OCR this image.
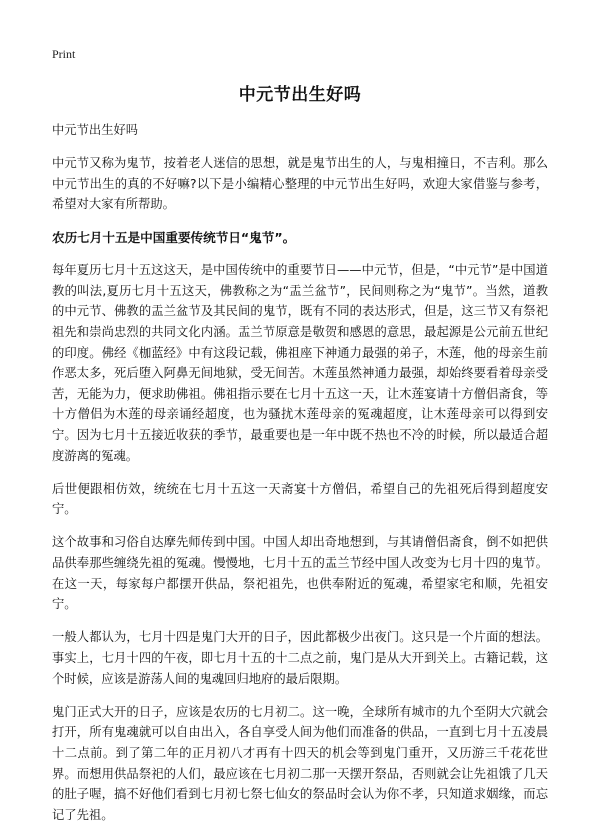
Print
中元节出生好吗

中元节出生好吗

中元节又称为鬼节，按着老人迷信的思想，就是鬼节出生的人，与鬼相撞日，不吉利。那么中元节出生的真的不好嘛?以下是小编精心整理的中元节出生好吗，欢迎大家借鉴与参考，希望对大家有所帮助。

农历七月十五是中国重要传统节日“鬼节”。

每年夏历七月十五这这天，是中国传统中的重要节日——中元节，但是，“中元节”是中国道教的叫法,夏历七月十五这天，佛教称之为“盂兰盆节”，民间则称之为“鬼节”。当然，道教的中元节、佛教的盂兰盆节及其民间的鬼节，既有不同的表达形式，但是，这三节又有祭祀祖先和崇尚忠烈的共同文化内涵。盂兰节原意是敬贺和感恩的意思，最起源是公元前五世纪的印度。佛经《枷蓝经》中有这段记载，佛祖座下神通力最强的弟子，木莲，他的母亲生前作恶太多，死后堕入阿鼻无间地狱，受无间苦。木莲虽然神通力最强，却始终要看着母亲受苦，无能为力，便求助佛祖。佛祖指示要在七月十五这一天，让木莲宴请十方僧侣斋食，等十方僧侣为木莲的母亲诵经超度，也为骚扰木莲母亲的冤魂超度，让木莲母亲可以得到安宁。因为七月十五接近收获的季节，最重要也是一年中既不热也不冷的时候，所以最适合超度游离的冤魂。

后世便跟相仿效，统统在七月十五这一天斋宴十方僧侣，希望自己的先祖死后得到超度安宁。

这个故事和习俗自达摩先师传到中国。中国人却出奇地想到，与其请僧侣斋食，倒不如把供品供奉那些缠绕先祖的冤魂。慢慢地，七月十五的盂兰节经中国人改变为七月十四的鬼节。在这一天，每家每户都摆开供品，祭祀祖先，也供奉附近的冤魂，希望家宅和顺，先祖安宁。

一般人都认为，七月十四是鬼门大开的日子，因此都极少出夜门。这只是一个片面的想法。事实上，七月十四的午夜，即七月十五的十二点之前，鬼门是从大开到关上。古籍记载，这个时候，应该是游荡人间的鬼魂回归地府的最后限期。

鬼门正式大开的日子，应该是农历的七月初二。这一晚，全球所有城市的九个至阴大穴就会打开，所有鬼魂就可以自由出入，各自享受人间为他们而准备的供品，一直到七月十五凌晨十二点前。到了第二年的正月初八才再有十四天的机会等到鬼门重开，又历游三千花花世界。而想用供品祭祀的人们，最应该在七月初二那一天摆开祭品，否则就会让先祖饿了几天的肚子喔，搞不好他们看到七月初七祭七仙女的祭品时会认为你不孝，只知道求姻缘，而忘记了先祖。
